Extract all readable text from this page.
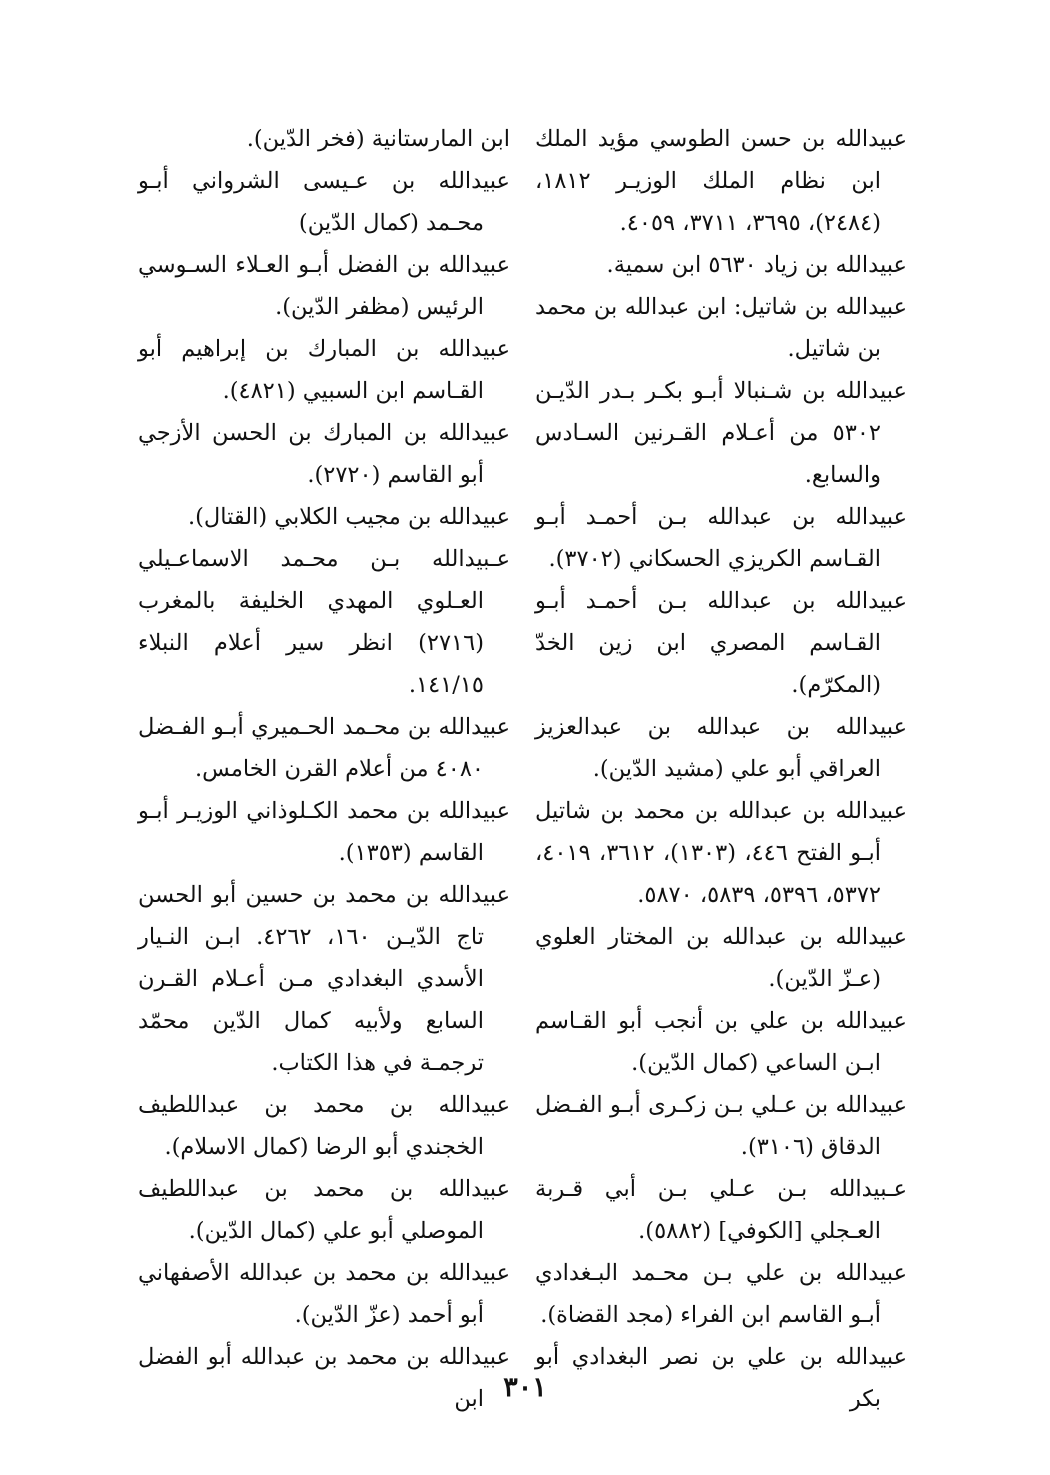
عبيدالله بن حسن الطوسي مؤيد الملك ابن نظام الملك الوزيـر ١٨١٢، (٢٤٨٤)، ٣٦٩٥، ٣٧١١، ٤٠٥٩.

عبيدالله بن زياد ٥٦٣٠ ابن سمية.

عبيدالله بن شاتيل: ابن عبدالله بن محمد بن شاتيل.

عبيدالله بن شـنبالا أبـو بكـر بـدر الدّيـن ٥٣٠٢ من أعـلام القـرنين السـادس والسابع.

عبيدالله بن عبدالله بـن أحمـد أبـو القـاسم الكريزي الحسكاني (٣٧٠٢).

عبيدالله بن عبدالله بـن أحمـد أبـو القـاسم المصري ابن زين الخدّ (المكرّم).

عبيدالله بن عبدالله بن عبدالعزيز العراقي أبو علي (مشيد الدّين).

عبيدالله بن عبدالله بن محمد بن شاتيل أبـو الفتح ٤٤٦، (١٣٠٣)، ٣٦١٢، ٤٠١٩، ٥٣٧٢، ٥٣٩٦، ٥٨٣٩، ٥٨٧٠.

عبيدالله بن عبدالله بن المختار العلوي (عـزّ الدّين).

عبيدالله بن علي بن أنجب أبو القـاسم ابـن الساعي (كمال الدّين).

عبيدالله بن عـلي بـن زكـرى أبـو الفـضل الدقاق (٣١٠٦).

عـبيدالله بـن عـلي بـن أبي قـربة العـجلي [الكوفي] (٥٨٨٢).

عبيدالله بن علي بـن محـمد البـغدادي أبـو القاسم ابن الفراء (مجد القضاة).

عبيدالله بن علي بن نصر البغدادي أبو بكر

ابن المارستانية (فخر الدّين).

عبيدالله بن عـيسى الشرواني أبـو محـمد (كمال الدّين)

عبيدالله بن الفضل أبـو العـلاء السـوسي الرئيس (مظفر الدّين).

عبيدالله بن المبارك بن إبراهيم أبو القـاسم ابن السبيي (٤٨٢١).

عبيدالله بن المبارك بن الحسن الأزجي أبو القاسم (٢٧٢٠).

عبيدالله بن مجيب الكلابي (القتال).

عـبيدالله بـن محـمد الاسماعـيلي العـلوي المهدي الخليفة بالمغرب (٢٧١٦) انظر سير أعلام النبلاء ١٤١/١٥.

عبيدالله بن محـمد الحـميري أبـو الفـضل ٤٠٨٠ من أعلام القرن الخامس.

عبيدالله بن محمد الكـلوذاني الوزيـر أبـو القاسم (١٣٥٣).

عبيدالله بن محمد بن حسين أبو الحسن تاج الدّيـن ١٦٠، ٤٢٦٢. ابـن النـيار الأسدي البغدادي مـن أعـلام القـرن السابع ولأبيه كمال الدّين محمّد ترجمـة في هذا الكتاب.

عبيدالله بن محمد بن عبداللطيف الخجندي أبو الرضا (كمال الاسلام).

عبيدالله بن محمد بن عبداللطيف الموصلي أبو علي (كمال الدّين).

عبيدالله بن محمد بن عبدالله الأصفهاني أبو أحمد (عزّ الدّين).

عبيدالله بن محمد بن عبدالله أبو الفضل ابن ٣٠١
